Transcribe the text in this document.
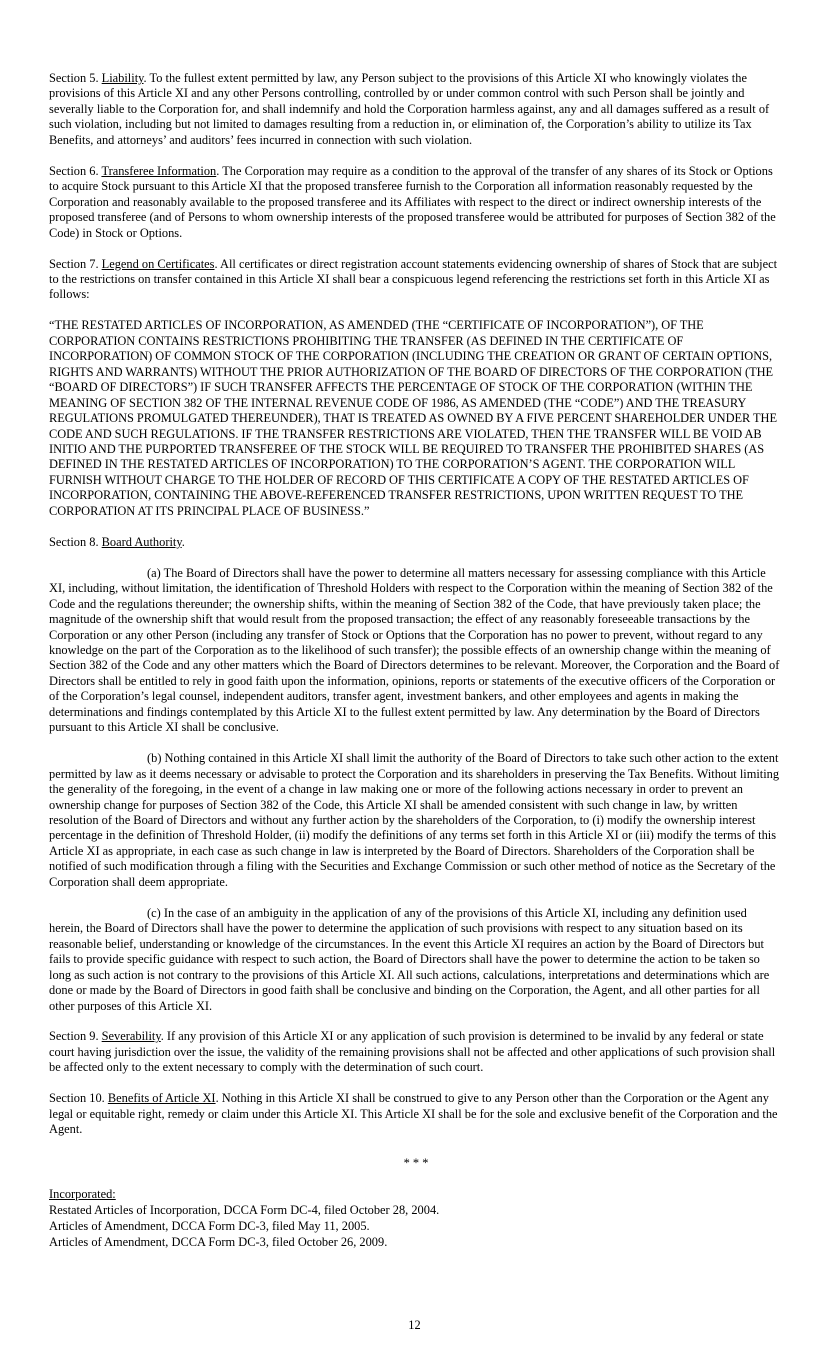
Section 5. Liability. To the fullest extent permitted by law, any Person subject to the provisions of this Article XI who knowingly violates the provisions of this Article XI and any other Persons controlling, controlled by or under common control with such Person shall be jointly and severally liable to the Corporation for, and shall indemnify and hold the Corporation harmless against, any and all damages suffered as a result of such violation, including but not limited to damages resulting from a reduction in, or elimination of, the Corporation’s ability to utilize its Tax Benefits, and attorneys’ and auditors’ fees incurred in connection with such violation.

Section 6. Transferee Information. The Corporation may require as a condition to the approval of the transfer of any shares of its Stock or Options to acquire Stock pursuant to this Article XI that the proposed transferee furnish to the Corporation all information reasonably requested by the Corporation and reasonably available to the proposed transferee and its Affiliates with respect to the direct or indirect ownership interests of the proposed transferee (and of Persons to whom ownership interests of the proposed transferee would be attributed for purposes of Section 382 of the Code) in Stock or Options.

Section 7. Legend on Certificates. All certificates or direct registration account statements evidencing ownership of shares of Stock that are subject to the restrictions on transfer contained in this Article XI shall bear a conspicuous legend referencing the restrictions set forth in this Article XI as follows:

“THE RESTATED ARTICLES OF INCORPORATION, AS AMENDED (THE “CERTIFICATE OF INCORPORATION”), OF THE CORPORATION CONTAINS RESTRICTIONS PROHIBITING THE TRANSFER (AS DEFINED IN THE CERTIFICATE OF INCORPORATION) OF COMMON STOCK OF THE CORPORATION (INCLUDING THE CREATION OR GRANT OF CERTAIN OPTIONS, RIGHTS AND WARRANTS) WITHOUT THE PRIOR AUTHORIZATION OF THE BOARD OF DIRECTORS OF THE CORPORATION (THE “BOARD OF DIRECTORS”) IF SUCH TRANSFER AFFECTS THE PERCENTAGE OF STOCK OF THE CORPORATION (WITHIN THE MEANING OF SECTION 382 OF THE INTERNAL REVENUE CODE OF 1986, AS AMENDED (THE “CODE”) AND THE TREASURY REGULATIONS PROMULGATED THEREUNDER), THAT IS TREATED AS OWNED BY A FIVE PERCENT SHAREHOLDER UNDER THE CODE AND SUCH REGULATIONS. IF THE TRANSFER RESTRICTIONS ARE VIOLATED, THEN THE TRANSFER WILL BE VOID AB INITIO AND THE PURPORTED TRANSFEREE OF THE STOCK WILL BE REQUIRED TO TRANSFER THE PROHIBITED SHARES (AS DEFINED IN THE RESTATED ARTICLES OF INCORPORATION) TO THE CORPORATION’S AGENT. THE CORPORATION WILL FURNISH WITHOUT CHARGE TO THE HOLDER OF RECORD OF THIS CERTIFICATE A COPY OF THE RESTATED ARTICLES OF INCORPORATION, CONTAINING THE ABOVE-REFERENCED TRANSFER RESTRICTIONS, UPON WRITTEN REQUEST TO THE CORPORATION AT ITS PRINCIPAL PLACE OF BUSINESS.”

Section 8. Board Authority.

(a) The Board of Directors shall have the power to determine all matters necessary for assessing compliance with this Article XI, including, without limitation, the identification of Threshold Holders with respect to the Corporation within the meaning of Section 382 of the Code and the regulations thereunder; the ownership shifts, within the meaning of Section 382 of the Code, that have previously taken place; the magnitude of the ownership shift that would result from the proposed transaction; the effect of any reasonably foreseeable transactions by the Corporation or any other Person (including any transfer of Stock or Options that the Corporation has no power to prevent, without regard to any knowledge on the part of the Corporation as to the likelihood of such transfer); the possible effects of an ownership change within the meaning of Section 382 of the Code and any other matters which the Board of Directors determines to be relevant. Moreover, the Corporation and the Board of Directors shall be entitled to rely in good faith upon the information, opinions, reports or statements of the executive officers of the Corporation or of the Corporation’s legal counsel, independent auditors, transfer agent, investment bankers, and other employees and agents in making the determinations and findings contemplated by this Article XI to the fullest extent permitted by law. Any determination by the Board of Directors pursuant to this Article XI shall be conclusive.

(b) Nothing contained in this Article XI shall limit the authority of the Board of Directors to take such other action to the extent permitted by law as it deems necessary or advisable to protect the Corporation and its shareholders in preserving the Tax Benefits. Without limiting the generality of the foregoing, in the event of a change in law making one or more of the following actions necessary in order to prevent an ownership change for purposes of Section 382 of the Code, this Article XI shall be amended consistent with such change in law, by written resolution of the Board of Directors and without any further action by the shareholders of the Corporation, to (i) modify the ownership interest percentage in the definition of Threshold Holder, (ii) modify the definitions of any terms set forth in this Article XI or (iii) modify the terms of this Article XI as appropriate, in each case as such change in law is interpreted by the Board of Directors. Shareholders of the Corporation shall be notified of such modification through a filing with the Securities and Exchange Commission or such other method of notice as the Secretary of the Corporation shall deem appropriate.

(c) In the case of an ambiguity in the application of any of the provisions of this Article XI, including any definition used herein, the Board of Directors shall have the power to determine the application of such provisions with respect to any situation based on its reasonable belief, understanding or knowledge of the circumstances. In the event this Article XI requires an action by the Board of Directors but fails to provide specific guidance with respect to such action, the Board of Directors shall have the power to determine the action to be taken so long as such action is not contrary to the provisions of this Article XI. All such actions, calculations, interpretations and determinations which are done or made by the Board of Directors in good faith shall be conclusive and binding on the Corporation, the Agent, and all other parties for all other purposes of this Article XI.

Section 9. Severability. If any provision of this Article XI or any application of such provision is determined to be invalid by any federal or state court having jurisdiction over the issue, the validity of the remaining provisions shall not be affected and other applications of such provision shall be affected only to the extent necessary to comply with the determination of such court.

Section 10. Benefits of Article XI. Nothing in this Article XI shall be construed to give to any Person other than the Corporation or the Agent any legal or equitable right, remedy or claim under this Article XI. This Article XI shall be for the sole and exclusive benefit of the Corporation and the Agent.

* * *
Incorporated:
Restated Articles of Incorporation, DCCA Form DC-4, filed October 28, 2004.
Articles of Amendment, DCCA Form DC-3, filed May 11, 2005.
Articles of Amendment, DCCA Form DC-3, filed October 26, 2009.
12
